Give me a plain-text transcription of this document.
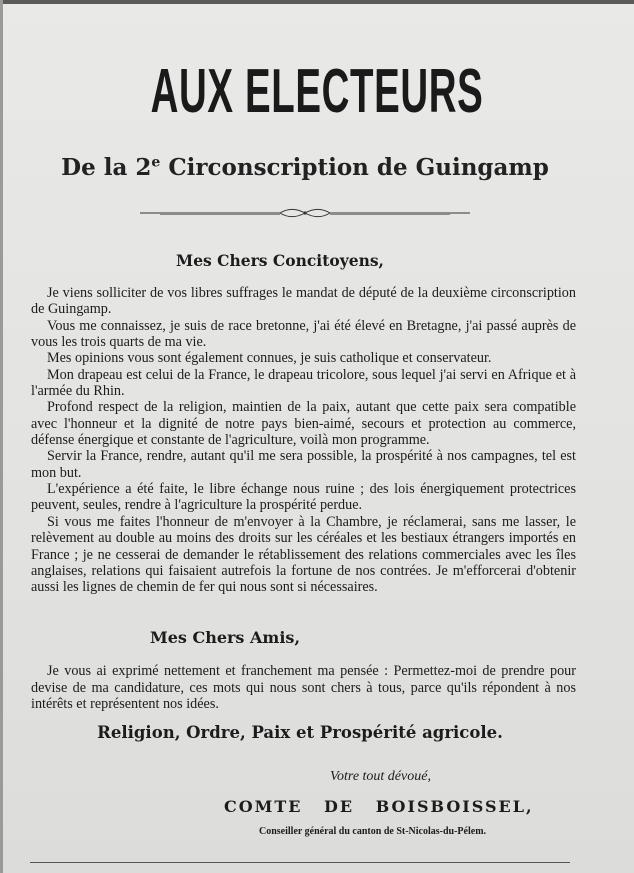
AUX ELECTEURS
De la 2e Circonscription de Guingamp
Mes Chers Concitoyens,

Je viens solliciter de vos libres suffrages le mandat de député de la deuxième circonscription de Guingamp.

Vous me connaissez, je suis de race bretonne, j'ai été élevé en Bretagne, j'ai passé auprès de vous les trois quarts de ma vie.

Mes opinions vous sont également connues, je suis catholique et conservateur.

Mon drapeau est celui de la France, le drapeau tricolore, sous lequel j'ai servi en Afrique et à l'armée du Rhin.

Profond respect de la religion, maintien de la paix, autant que cette paix sera compatible avec l'honneur et la dignité de notre pays bien-aimé, secours et protection au commerce, défense énergique et constante de l'agriculture, voilà mon programme.

Servir la France, rendre, autant qu'il me sera possible, la prospérité à nos campagnes, tel est mon but.

L'expérience a été faite, le libre échange nous ruine ; des lois énergiquement protectrices peuvent, seules, rendre à l'agriculture la prospérité perdue.

Si vous me faites l'honneur de m'envoyer à la Chambre, je réclamerai, sans me lasser, le relèvement au double au moins des droits sur les céréales et les bestiaux étrangers importés en France ; je ne cesserai de demander le rétablissement des relations commerciales avec les îles anglaises, relations qui faisaient autrefois la fortune de nos contrées. Je m'efforcerai d'obtenir aussi les lignes de chemin de fer qui nous sont si nécessaires.

Mes Chers Amis,

Je vous ai exprimé nettement et franchement ma pensée : Permettez-moi de prendre pour devise de ma candidature, ces mots qui nous sont chers à tous, parce qu'ils répondent à nos intérêts et représentent nos idées.

Religion, Ordre, Paix et Prospérité agricole.
Votre tout dévoué,
COMTE DE BOISBOISSEL,
Conseiller général du canton de St-Nicolas-du-Pélem.
